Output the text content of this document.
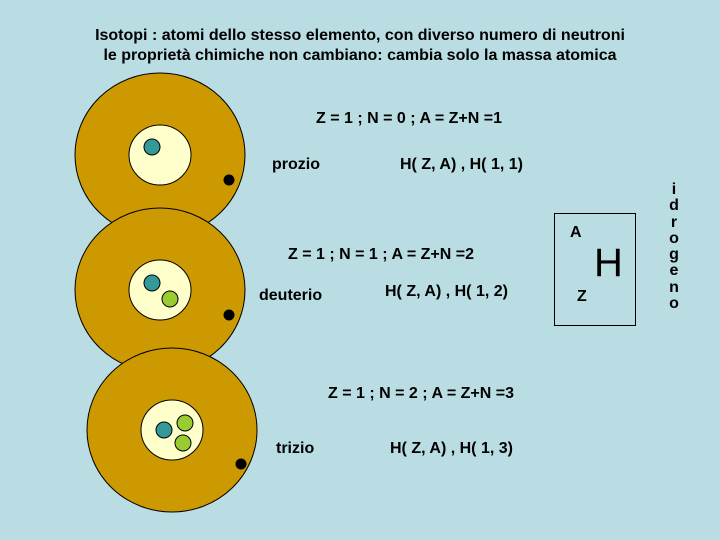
Isotopi : atomi dello stesso elemento, con diverso numero di neutroni
le proprietà chimiche non cambiano: cambia solo la massa atomica
Z = 1 ; N = 0 ; A = Z+N =1
prozio	H( Z, A) , H( 1, 1)
Z = 1 ; N = 1 ; A = Z+N =2
deuterio	H( Z, A) , H( 1, 2)
Z = 1 ; N = 2 ; A = Z+N =3
trizio	H( Z, A) , H( 1, 3)
A
H
Z
i
d
r
o
g
e
n
o
